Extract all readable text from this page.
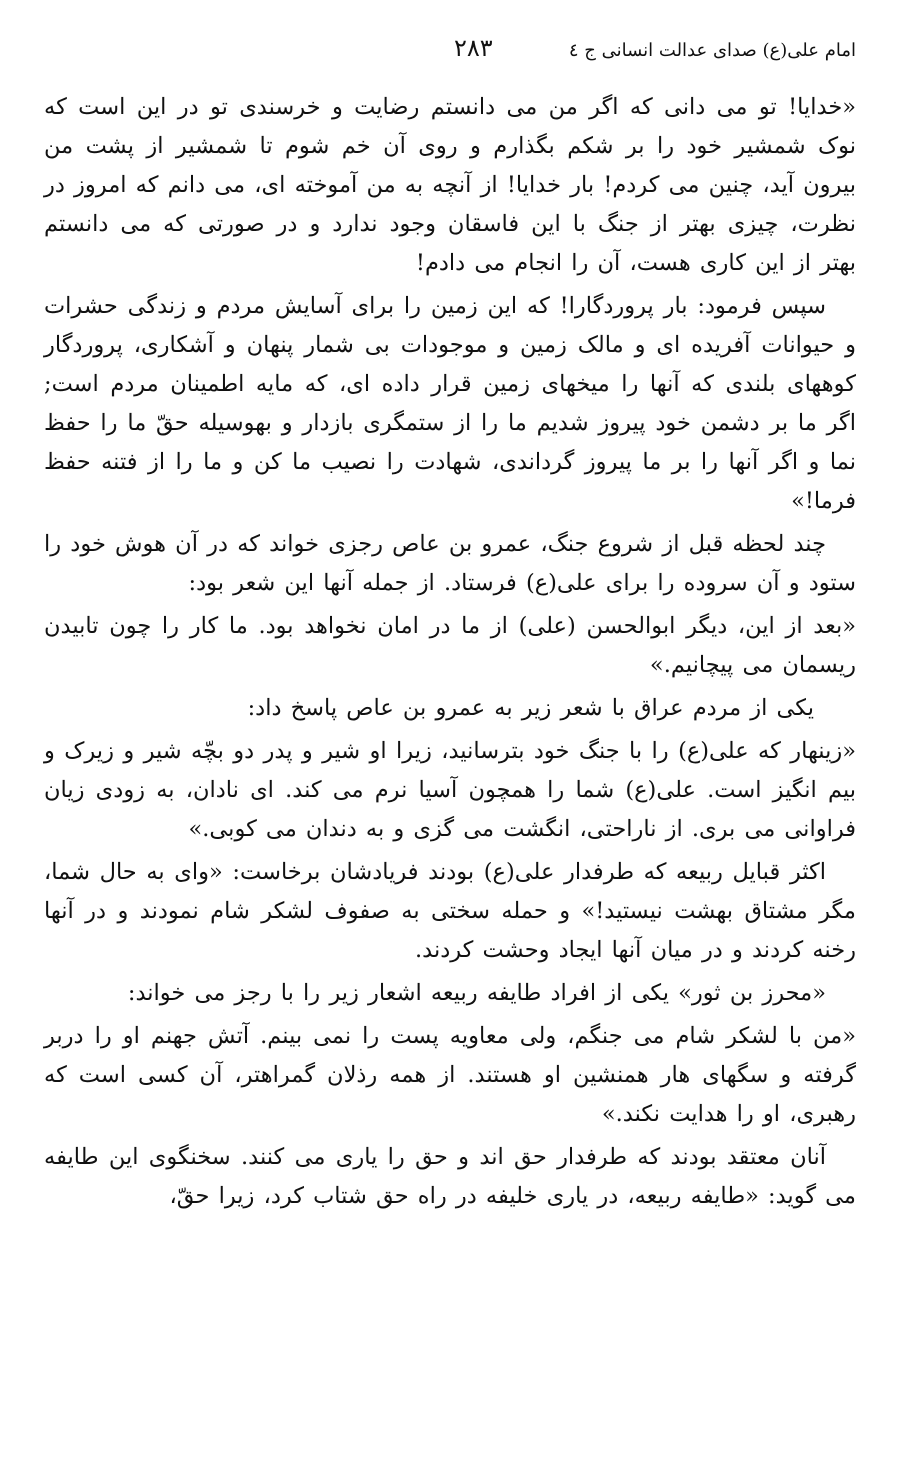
امام علی(ع) صدای عدالت انسانی ج ٤
٢٨٣

«خدایا! تو می دانی که اگر من می دانستم رضایت و خرسندی تو در این است که نوک شمشیر خود را بر شکم بگذارم و روی آن خم شوم تا شمشیر از پشت من بیرون آید، چنین می کردم! بار خدایا! از آنچه به من آموخته ای، می دانم که امروز در نظرت، چیزی بهتر از جنگ با این فاسقان وجود ندارد و در صورتی که می دانستم بهتر از این کاری هست، آن را انجام می دادم!

سپس فرمود: بار پروردگارا! که این زمین را برای آسایش مردم و زندگی حشرات و حیوانات آفریده ای و مالک زمین و موجودات بی شمار پنهان و آشکاری، پروردگار کوههای بلندی که آنها را میخهای زمین قرار داده ای، که مایه اطمینان مردم است; اگر ما بر دشمن خود پیروز شدیم ما را از ستمگری بازدار و بهوسیله حقّ ما را حفظ نما و اگر آنها را بر ما پیروز گرداندی، شهادت را نصیب ما کن و ما را از فتنه حفظ فرما!»

چند لحظه قبل از شروع جنگ، عمرو بن عاص رجزی خواند که در آن هوش خود را ستود و آن سروده را برای علی(ع) فرستاد. از جمله آنها این شعر بود:

«بعد از این، دیگر ابوالحسن (علی) از ما در امان نخواهد بود. ما کار را چون تابیدن ریسمان می پیچانیم.»

یکی از مردم عراق با شعر زیر به عمرو بن عاص پاسخ داد:

«زینهار که علی(ع) را با جنگ خود بترسانید، زیرا او شیر و پدر دو بچّه شیر و زیرک و بیم انگیز است. علی(ع) شما را همچون آسیا نرم می کند. ای نادان، به زودی زیان فراوانی می بری. از ناراحتی، انگشت می گزی و به دندان می کوبی.»

اکثر قبایل ربیعه که طرفدار علی(ع) بودند فریادشان برخاست: «وای به حال شما، مگر مشتاق بهشت نیستید!» و حمله سختی به صفوف لشکر شام نمودند و در آنها رخنه کردند و در میان آنها ایجاد وحشت کردند.

«محرز بن ثور» یکی از افراد طایفه ربیعه اشعار زیر را با رجز می خواند:

«من با لشکر شام می جنگم، ولی معاویه پست را نمی بینم. آتش جهنم او را دربر گرفته و سگهای هار همنشین او هستند. از همه رذلان گمراهتر، آن کسی است که رهبری، او را هدایت نکند.»

آنان معتقد بودند که طرفدار حق اند و حق را یاری می کنند. سخنگوی این طایفه می گوید: «طایفه ربیعه، در یاری خلیفه در راه حق شتاب کرد، زیرا حقّ،
